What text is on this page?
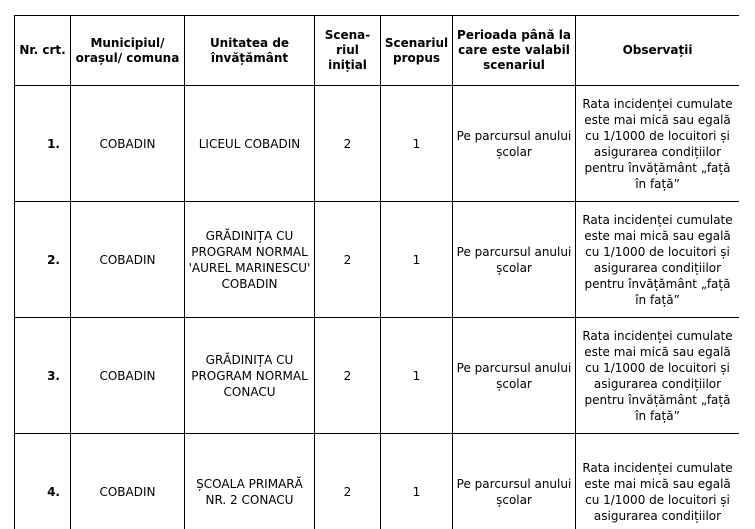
Nr. crt.	Municipiul/ orașul/ comuna	Unitatea de învățământ	Scena-riul inițial	Scenariul propus	Perioada până la care este valabil scenariul	Observații
1.	COBADIN	LICEUL COBADIN	2	1	Pe parcursul anului școlar	Rata incidenței cumulate este mai mică sau egală cu 1/1000 de locuitori și asigurarea condițiilor pentru învățământ „față în față”
2.	COBADIN	GRĂDINIȚA CU PROGRAM NORMAL 'AUREL MARINESCU' COBADIN	2	1	Pe parcursul anului școlar	Rata incidenței cumulate este mai mică sau egală cu 1/1000 de locuitori și asigurarea condițiilor pentru învățământ „față în față”
3.	COBADIN	GRĂDINIȚA CU PROGRAM NORMAL CONACU	2	1	Pe parcursul anului școlar	Rata incidenței cumulate este mai mică sau egală cu 1/1000 de locuitori și asigurarea condițiilor pentru învățământ „față în față”
4.	COBADIN	ȘCOALA PRIMARĂ NR. 2 CONACU	2	1	Pe parcursul anului școlar	Rata incidenței cumulate este mai mică sau egală cu 1/1000 de locuitori și asigurarea condițiilor
